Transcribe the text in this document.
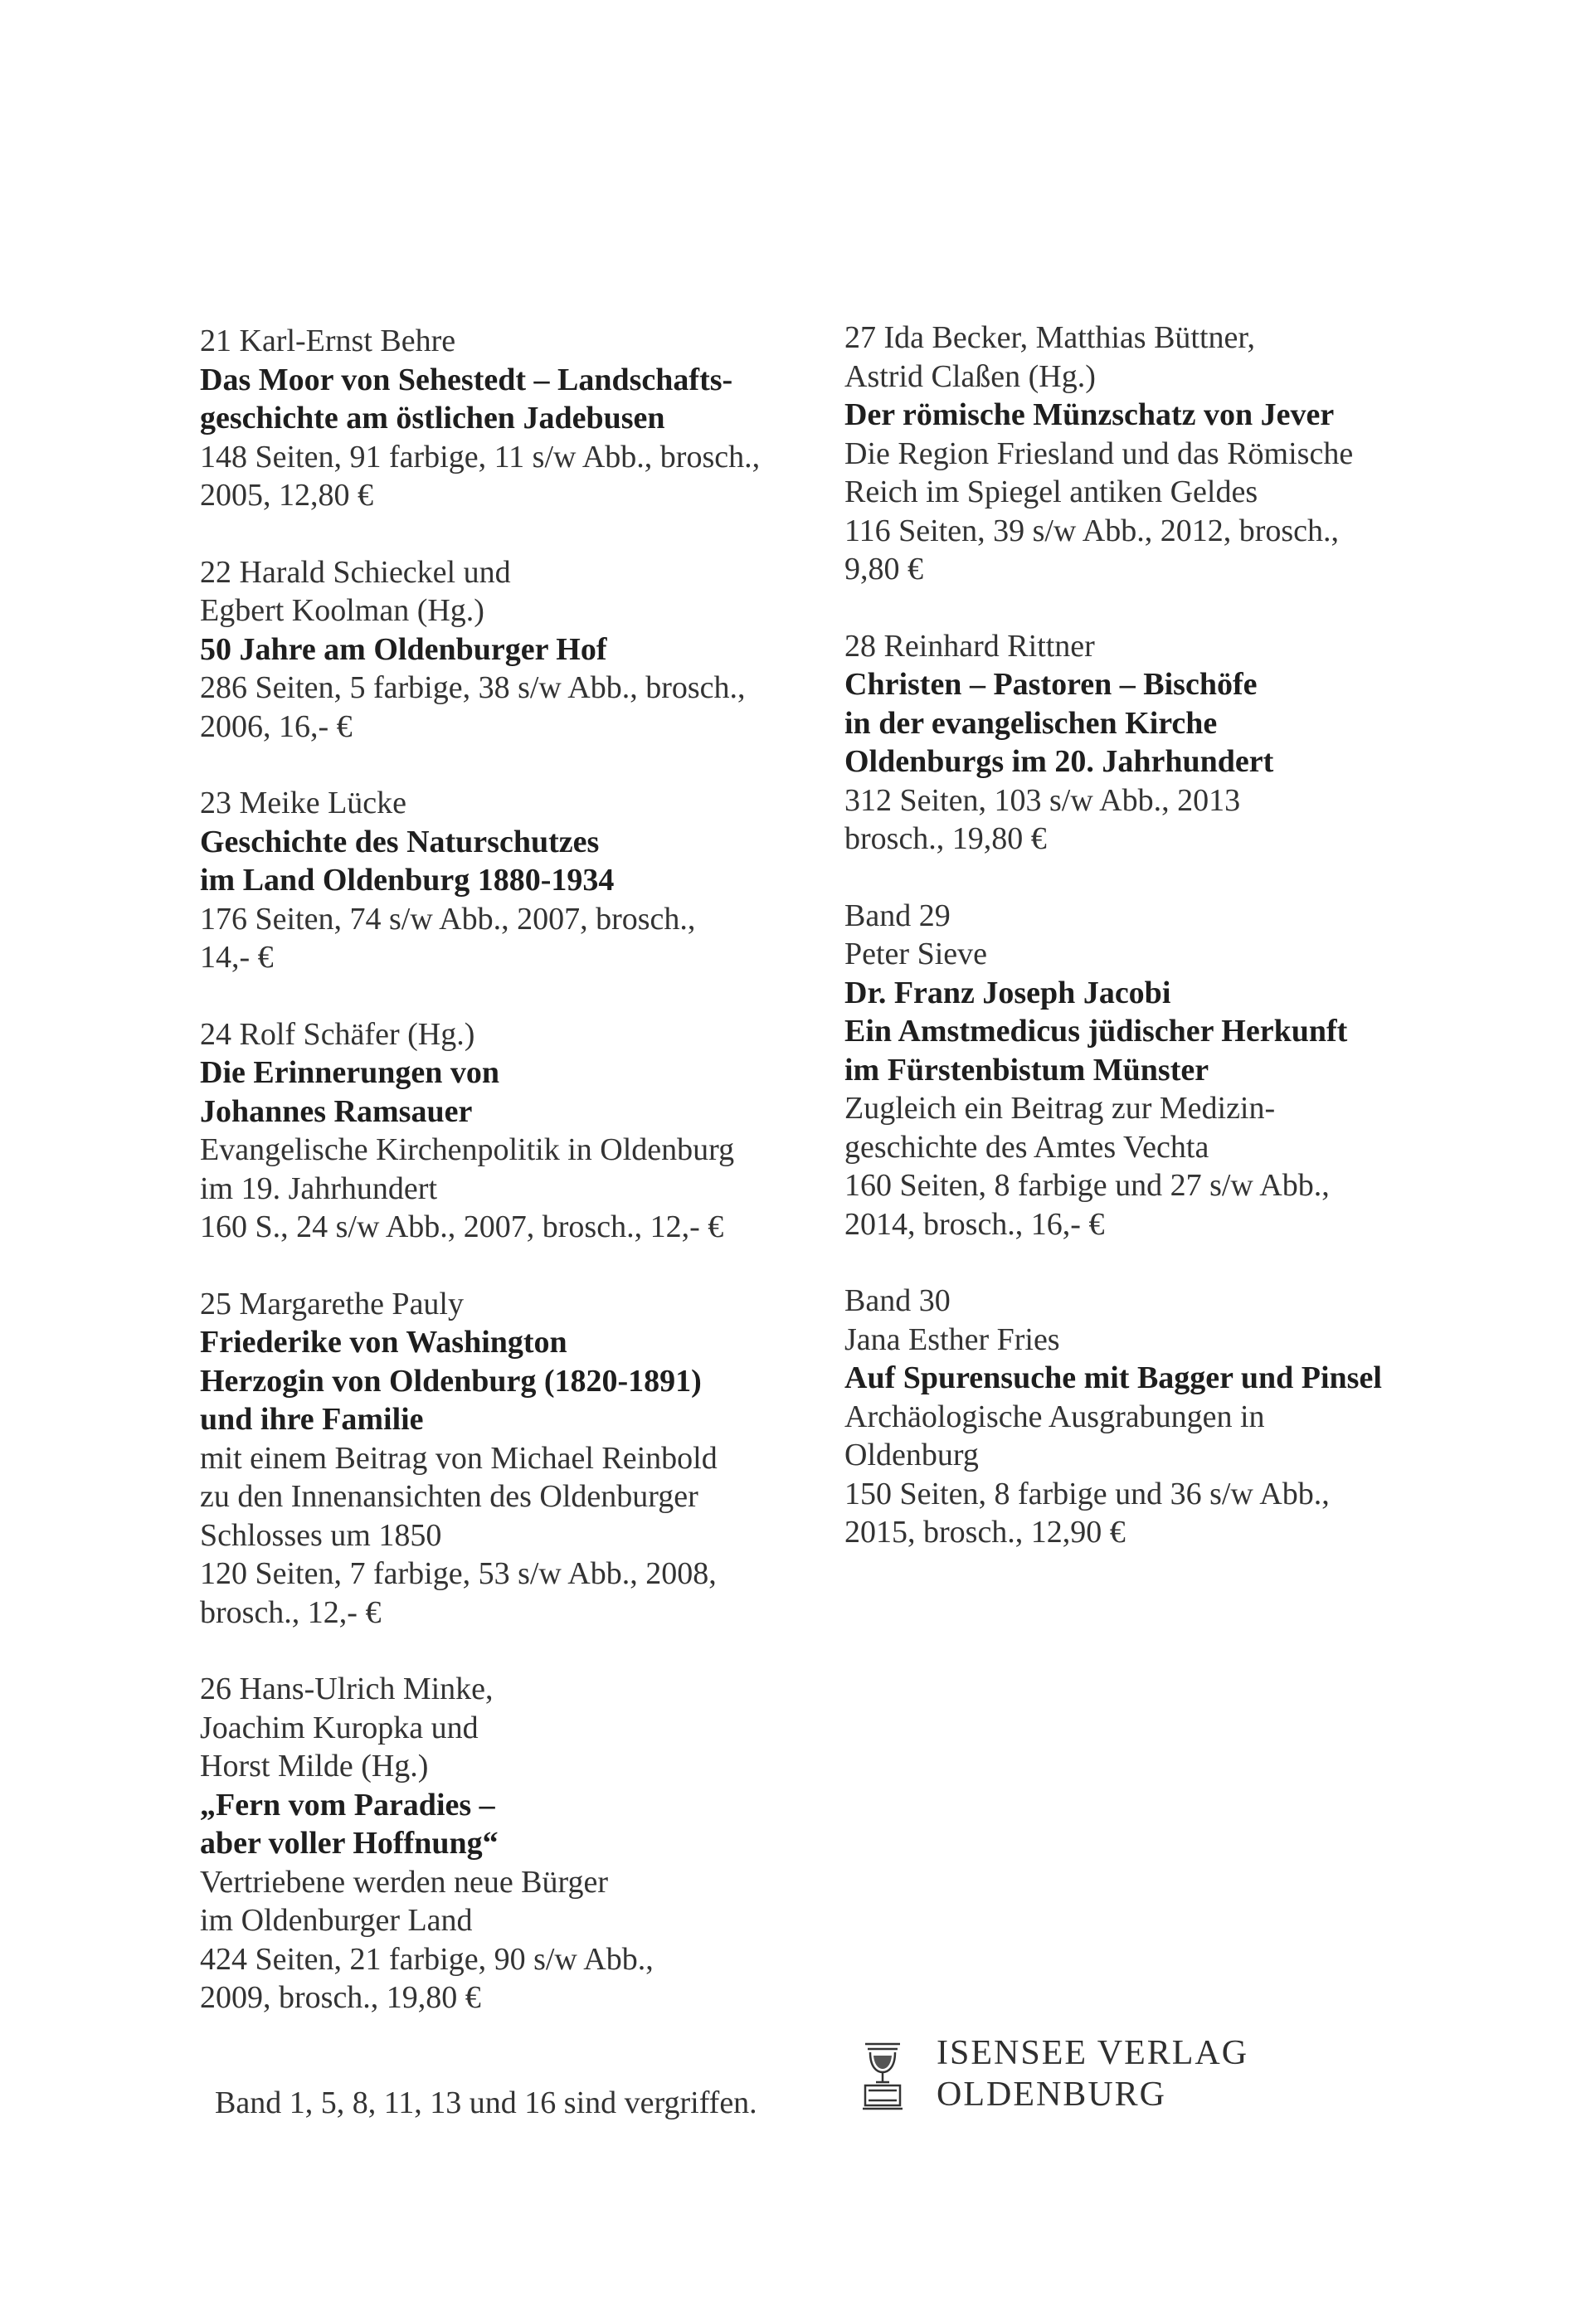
21 Karl-Ernst Behre
Das Moor von Sehestedt – Landschafts-
geschichte am östlichen Jadebusen
148 Seiten, 91 farbige, 11 s/w Abb., brosch.,
2005, 12,80 €
22 Harald Schieckel und
Egbert Koolman (Hg.)
50 Jahre am Oldenburger Hof
286 Seiten, 5 farbige, 38 s/w Abb., brosch.,
2006, 16,- €
23 Meike Lücke
Geschichte des Naturschutzes
im Land Oldenburg 1880-1934
176 Seiten, 74 s/w Abb., 2007, brosch.,
14,- €
24 Rolf Schäfer (Hg.)
Die Erinnerungen von
Johannes Ramsauer
Evangelische Kirchenpolitik in Oldenburg
im 19. Jahrhundert
160 S., 24 s/w Abb., 2007, brosch., 12,- €
25 Margarethe Pauly
Friederike von Washington
Herzogin von Oldenburg (1820-1891)
und ihre Familie
mit einem Beitrag von Michael Reinbold
zu den Innenansichten des Oldenburger
Schlosses um 1850
120 Seiten, 7 farbige, 53 s/w Abb., 2008,
brosch., 12,- €
26 Hans-Ulrich Minke,
Joachim Kuropka und
Horst Milde (Hg.)
„Fern vom Paradies –
aber voller Hoffnung“
Vertriebene werden neue Bürger
im Oldenburger Land
424 Seiten, 21 farbige, 90 s/w Abb.,
2009, brosch., 19,80 €
27 Ida Becker, Matthias Büttner,
Astrid Claßen (Hg.)
Der römische Münzschatz von Jever
Die Region Friesland und das Römische
Reich im Spiegel antiken Geldes
116 Seiten, 39 s/w Abb., 2012, brosch.,
9,80 €
28 Reinhard Rittner
Christen – Pastoren – Bischöfe
in der evangelischen Kirche
Oldenburgs im 20. Jahrhundert
312 Seiten, 103 s/w Abb., 2013
brosch., 19,80 €
Band 29
Peter Sieve
Dr. Franz Joseph Jacobi
Ein Amstmedicus jüdischer Herkunft
im Fürstenbistum Münster
Zugleich ein Beitrag zur Medizin-
geschichte des Amtes Vechta
160 Seiten, 8 farbige und 27 s/w Abb.,
2014, brosch., 16,- €
Band 30
Jana Esther Fries
Auf Spurensuche mit Bagger und Pinsel
Archäologische Ausgrabungen in
Oldenburg
150 Seiten, 8 farbige und 36 s/w Abb.,
2015, brosch., 12,90 €
Band 1, 5, 8, 11, 13 und 16 sind vergriffen.
ISENSEE VERLAG
OLDENBURG
